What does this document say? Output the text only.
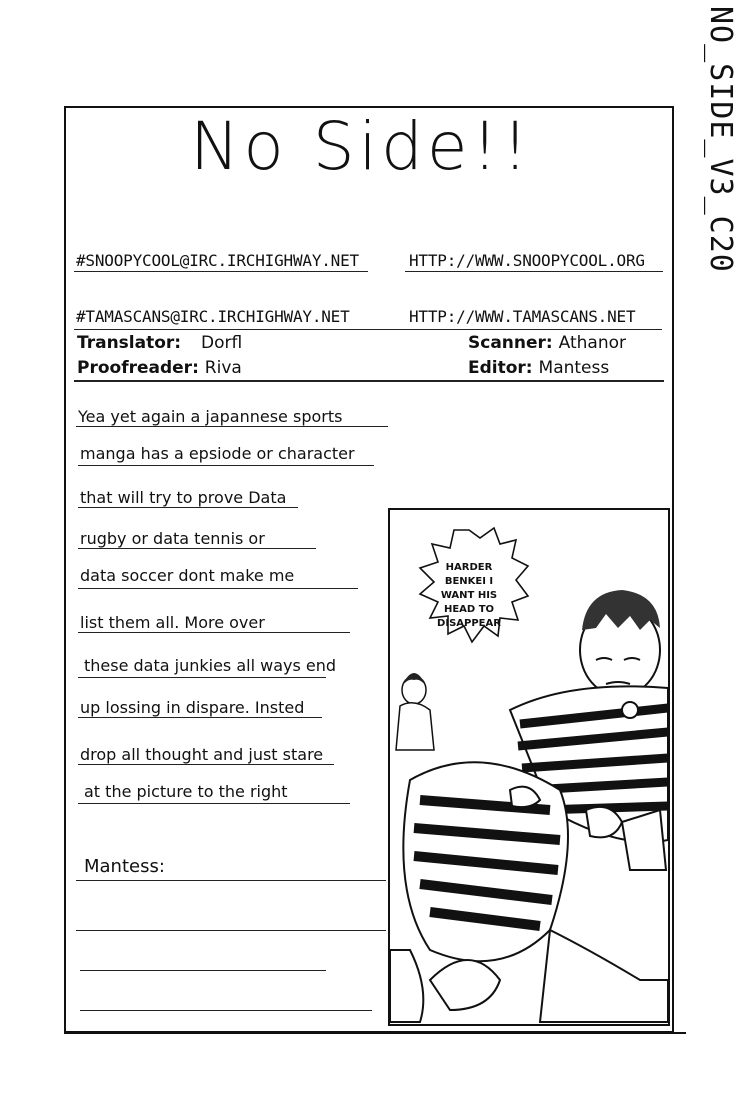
NO_SIDE_V3_C20
No Side!!
#SNOOPYCOOL@IRC.IRCHIGHWAY.NET	HTTP://WWW.SNOOPYCOOL.ORG
#TAMASCANS@IRC.IRCHIGHWAY.NET	HTTP://WWW.TAMASCANS.NET
Translator: Dorfl
Proofreader: Riva
Scanner: Athanor
Editor: Mantess
Yea yet again a japannese sports
manga has a epsiode or character
that will try to prove Data
rugby or data tennis or
data soccer dont make me
list them all. More over
these data junkies all ways end
up lossing in dispare. Insted
drop all thought and just stare
at the picture to the right
Mantess:
HARDER BENKEI I WANT HIS HEAD TO DISAPPEAR
